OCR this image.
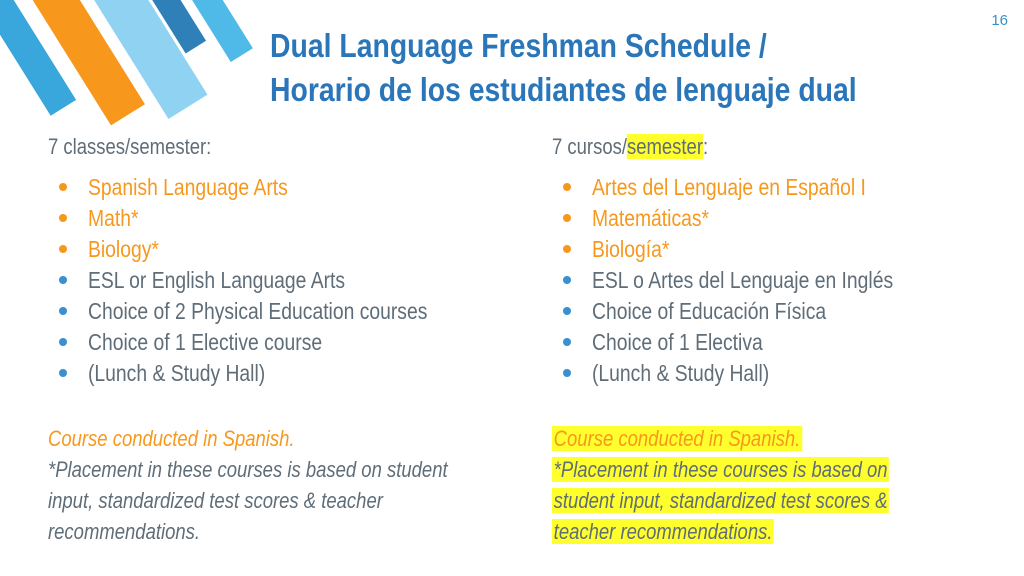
16
Dual Language Freshman Schedule /
Horario de los estudiantes de lenguaje dual
7 classes/semester:
Spanish Language Arts
Math*
Biology*
ESL or English Language Arts
Choice of 2 Physical Education courses
Choice of 1 Elective course
(Lunch & Study Hall)
Course conducted in Spanish.
*Placement in these courses is based on student
input, standardized test scores & teacher
recommendations.
7 cursos/semester:
Artes del Lenguaje en Español I
Matemáticas*
Biología*
ESL o Artes del Lenguaje en Inglés
Choice of Educación Física
Choice of 1 Electiva
(Lunch & Study Hall)
Course conducted in Spanish.
*Placement in these courses is based on
student input, standardized test scores &
teacher recommendations.
